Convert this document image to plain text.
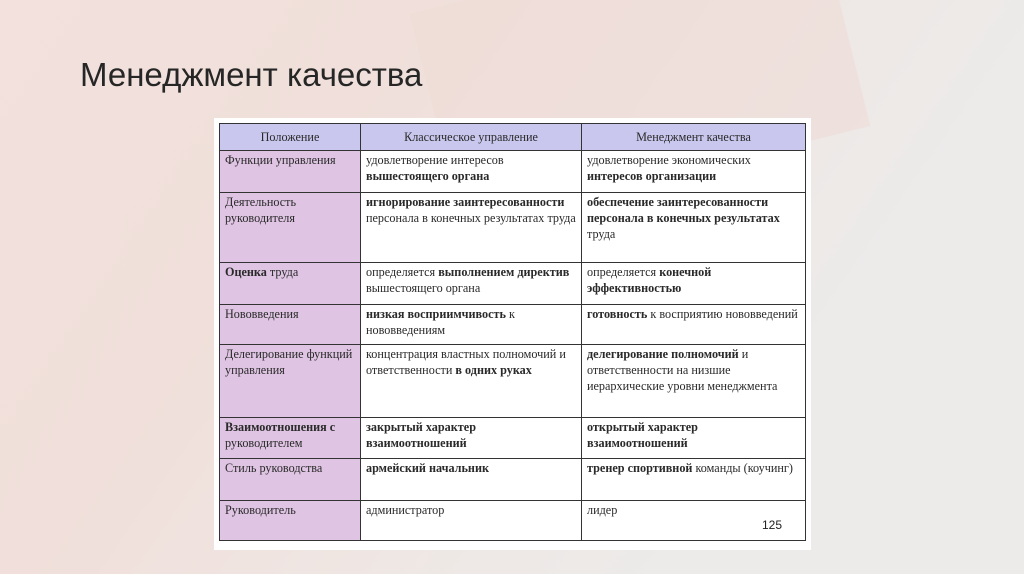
Менеджмент качества
Положение	Классическое управление	Менеджмент качества
Функции управления	удовлетворение интересов вышестоящего органа	удовлетворение экономических интересов организации
Деятельность руководителя	игнорирование заинтересованности персонала в конечных результатах труда	обеспечение заинтересованности персонала в конечных результатах труда
Оценка труда	определяется выполнением директив вышестоящего органа	определяется конечной эффективностью
Нововведения	низкая восприимчивость к нововведениям	готовность к восприятию нововведений
Делегирование функций управления	концентрация властных полномочий и ответственности в одних руках	делегирование полномочий и ответственности на низшие иерархические уровни менеджмента
Взаимоотношения с руководителем	закрытый характер взаимоотношений	открытый характер взаимоотношений
Стиль руководства	армейский начальник	тренер спортивной команды (коучинг)
Руководитель	администратор	лидер
125
